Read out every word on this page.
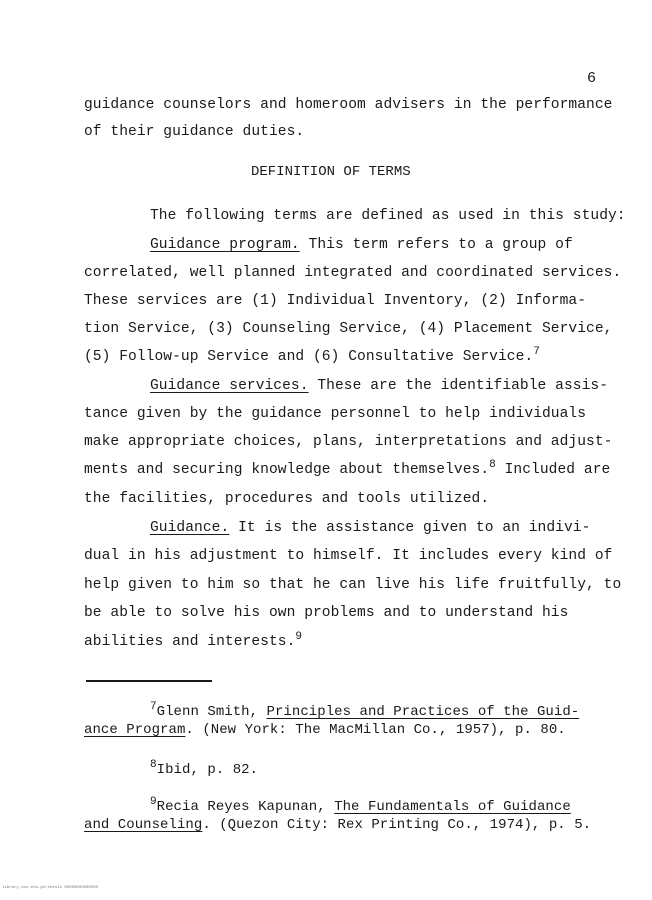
6
guidance counselors and homeroom advisers in the performance
of their guidance duties.
DEFINITION OF TERMS
The following terms are defined as used in this study:
Guidance program. This term refers to a group of
correlated, well planned integrated and coordinated services.
These services are (1) Individual Inventory, (2) Informa-
tion Service, (3) Counseling Service, (4) Placement Service,
(5) Follow-up Service and (6) Consultative Service.$^7$
Guidance services. These are the identifiable assis-
tance given by the guidance personnel to help individuals
make appropriate choices, plans, interpretations and adjust-
ments and securing knowledge about themselves.$^8$ Included are
the facilities, procedures and tools utilized.
Guidance. It is the assistance given to an indivi-
dual in his adjustment to himself. It includes every kind of
help given to him so that he can live his life fruitfully, to
be able to solve his own problems and to understand his
abilities and interests.$^9$
$^7$Glenn Smith, Principles and Practices of the Guid-
ance Program. (New York: The MacMillan Co., 1957), p. 80.
$^8$Ibid, p. 82.
$^9$Recia Reyes Kapunan, The Fundamentals of Guidance
and Counseling. (Quezon City: Rex Printing Co., 1974), p. 5.
library.ucc.edu.ph/thesis 00000000000000
